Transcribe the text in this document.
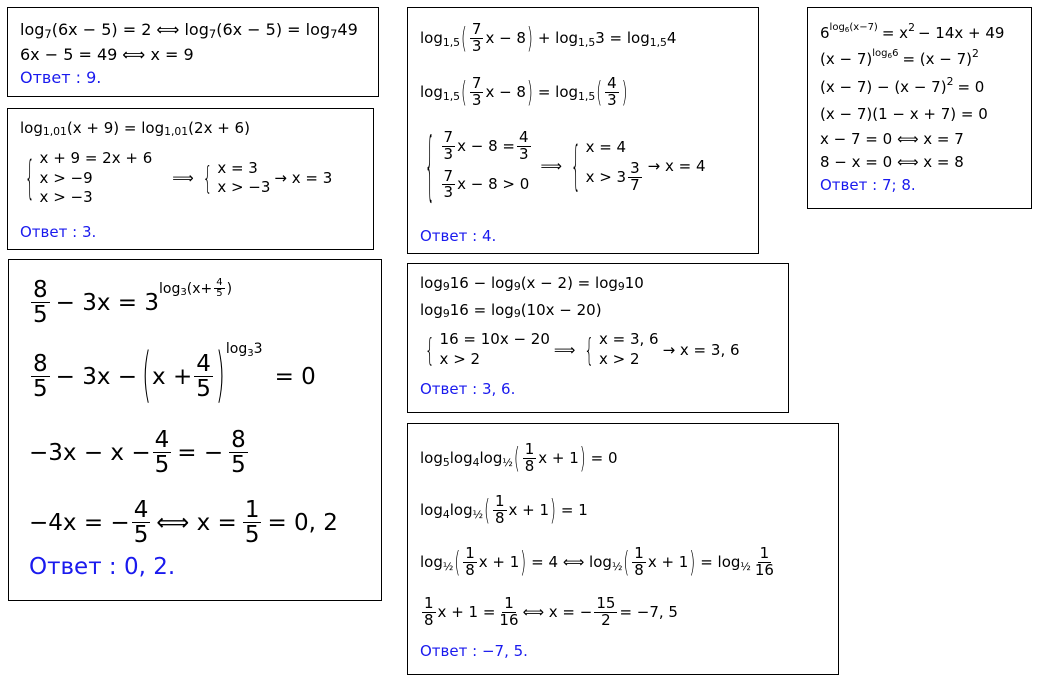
log 7 (6x − 5) = 2 ⟺ log 7 (6x − 5) = log 7 49
6x − 5 = 49 ⟺ x = 9
Ответ :
9.
log 1,01 (x + 9) = log 1,01 (2x + 6)
{ x + 9 = 2x + 6
x > −9
x > −3
⟹ { x = 3
x > −3 → x = 3
Ответ :
3.
$\frac{8}{5} - 3x = 3$
log 3 ($x+ \frac{4}{5}$ )
$\frac{8}{5} - 3x$ − ( $x + \frac{4}{5}$ ) $\log_33$
= 0
$-3x - x - \frac{4}{5}$ = − $\frac{8}{5}$
−4x = − $\frac{4}{5}$ ⟺ $x = \frac{1}{5} = 0$, 2
Ответ :
0, 2.
log 1,5 ( $\frac{7}{3}$ x − 8 ) + log 1,5 3 = log 1,5 4
log 1,5 ( $\frac{7}{3}$ x − 8 ) = log 1,5 ( $\frac{4}{3}$ )
{ $\frac{7}{3}$ $x - 8 = \frac{4}{3}$
$\frac{7}{3}$ x − 8 > 0
⟹ { x = 4
$x > 3 \frac{3}{7} \to x = 4$
Ответ :
4.
6 $\log_6(x-7) = x$ 2 − 14x + 49
(x − 7) $\log_66 = (x - 7)$ 2
(x − 7) − (x − 7) 2 = 0
(x − 7)(1 − x + 7) = 0
x − 7 = 0 ⟺ x = 7
8 − x = 0 ⟺ x = 8
Ответ :
7; 8.
log 9 16 − log 9 (x − 2) = log 9 10
log 9 16 = log 9 (10x − 20)
{ 16 = 10x − 20
x > 2	⟹ { x = 3, 6
x > 2	→ x = 3, 6
Ответ :
3, 6.
log 5 log 4 log ½ ( $\frac{1}{8}$ x + 1 ) = 0
log 4 log ½ ( $\frac{1}{8}$ x + 1 ) = 1
log ½ ( $\frac{1}{8}$ x + 1 ) = 4 ⟺ log ½ ( $\frac{1}{8}$ x + 1 ) = log ½ $\frac{1}{16}$
$\frac{1}{8}$ $x + 1 = \frac{1}{16}$ ⟺ x = − $\frac{15}{2} = -7$, 5
Ответ :
−7, 5.
